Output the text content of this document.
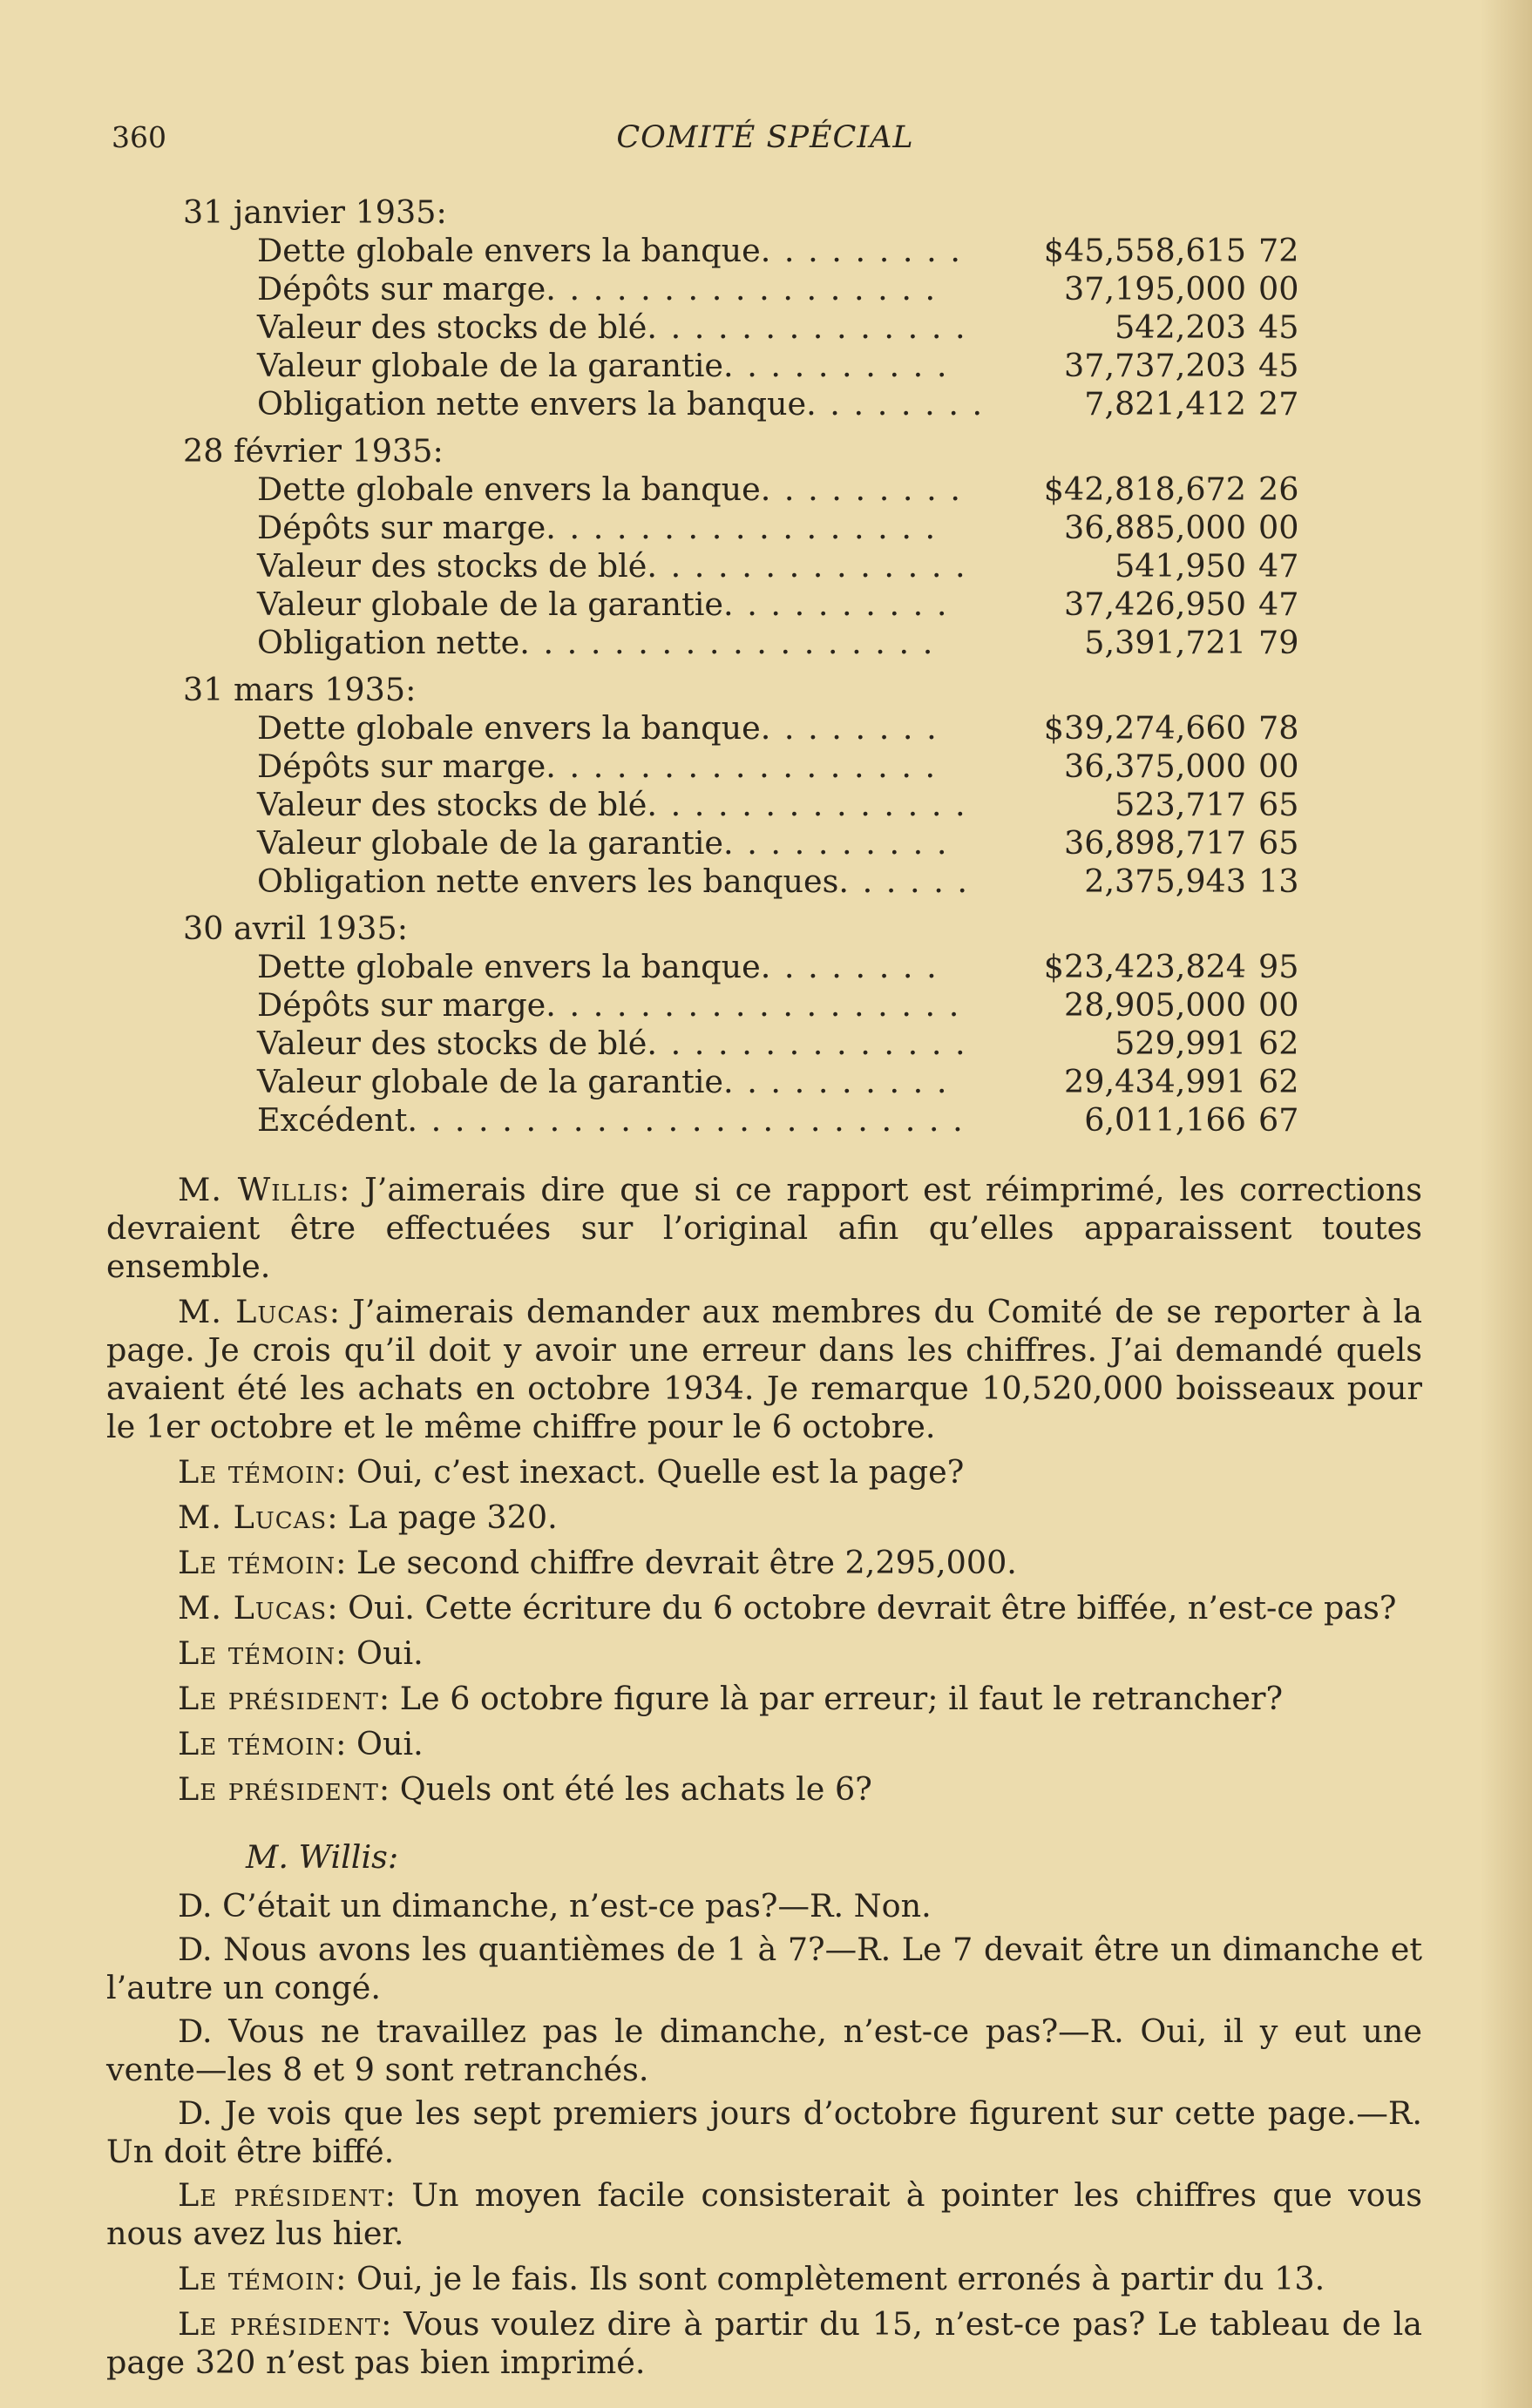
COMITÉ SPÉCIAL
360
31 janvier 1935:
Dette globale envers la banque. . . . . . . . .	$45,558,615 72
Dépôts sur marge. . . . . . . . . . . . . . . . .	37,195,000 00
Valeur des stocks de blé. . . . . . . . . . . . . .	542,203 45
Valeur globale de la garantie. . . . . . . . . .	37,737,203 45
Obligation nette envers la banque. . . . . . . .	7,821,412 27
28 février 1935:
Dette globale envers la banque. . . . . . . . .	$42,818,672 26
Dépôts sur marge. . . . . . . . . . . . . . . . .	36,885,000 00
Valeur des stocks de blé. . . . . . . . . . . . . .	541,950 47
Valeur globale de la garantie. . . . . . . . . .	37,426,950 47
Obligation nette. . . . . . . . . . . . . . . . . .	5,391,721 79
31 mars 1935:
Dette globale envers la banque. . . . . . . .	$39,274,660 78
Dépôts sur marge. . . . . . . . . . . . . . . . .	36,375,000 00
Valeur des stocks de blé. . . . . . . . . . . . . .	523,717 65
Valeur globale de la garantie. . . . . . . . . .	36,898,717 65
Obligation nette envers les banques. . . . . .	2,375,943 13
30 avril 1935:
Dette globale envers la banque. . . . . . . .	$23,423,824 95
Dépôts sur marge. . . . . . . . . . . . . . . . . .	28,905,000 00
Valeur des stocks de blé. . . . . . . . . . . . . .	529,991 62
Valeur globale de la garantie. . . . . . . . . .	29,434,991 62
Excédent. . . . . . . . . . . . . . . . . . . . . . . .	6,011,166 67

M. Willis: J’aimerais dire que si ce rapport est réimprimé, les corrections devraient être effectuées sur l’original afin qu’elles apparaissent toutes ensemble.

M. Lucas: J’aimerais demander aux membres du Comité de se reporter à la page. Je crois qu’il doit y avoir une erreur dans les chiffres. J’ai demandé quels avaient été les achats en octobre 1934. Je remarque 10,520,000 boisseaux pour le 1er octobre et le même chiffre pour le 6 octobre.

Le témoin: Oui, c’est inexact. Quelle est la page?

M. Lucas: La page 320.

Le témoin: Le second chiffre devrait être 2,295,000.

M. Lucas: Oui. Cette écriture du 6 octobre devrait être biffée, n’est-ce pas?

Le témoin: Oui.

Le président: Le 6 octobre figure là par erreur; il faut le retrancher?

Le témoin: Oui.

Le président: Quels ont été les achats le 6?

M. Willis:

D. C’était un dimanche, n’est-ce pas?—R. Non.

D. Nous avons les quantièmes de 1 à 7?—R. Le 7 devait être un dimanche et l’autre un congé.

D. Vous ne travaillez pas le dimanche, n’est-ce pas?—R. Oui, il y eut une vente—les 8 et 9 sont retranchés.

D. Je vois que les sept premiers jours d’octobre figurent sur cette page.—R. Un doit être biffé.

Le président: Un moyen facile consisterait à pointer les chiffres que vous nous avez lus hier.

Le témoin: Oui, je le fais. Ils sont complètement erronés à partir du 13.

Le président: Vous voulez dire à partir du 15, n’est-ce pas? Le tableau de la page 320 n’est pas bien imprimé.
